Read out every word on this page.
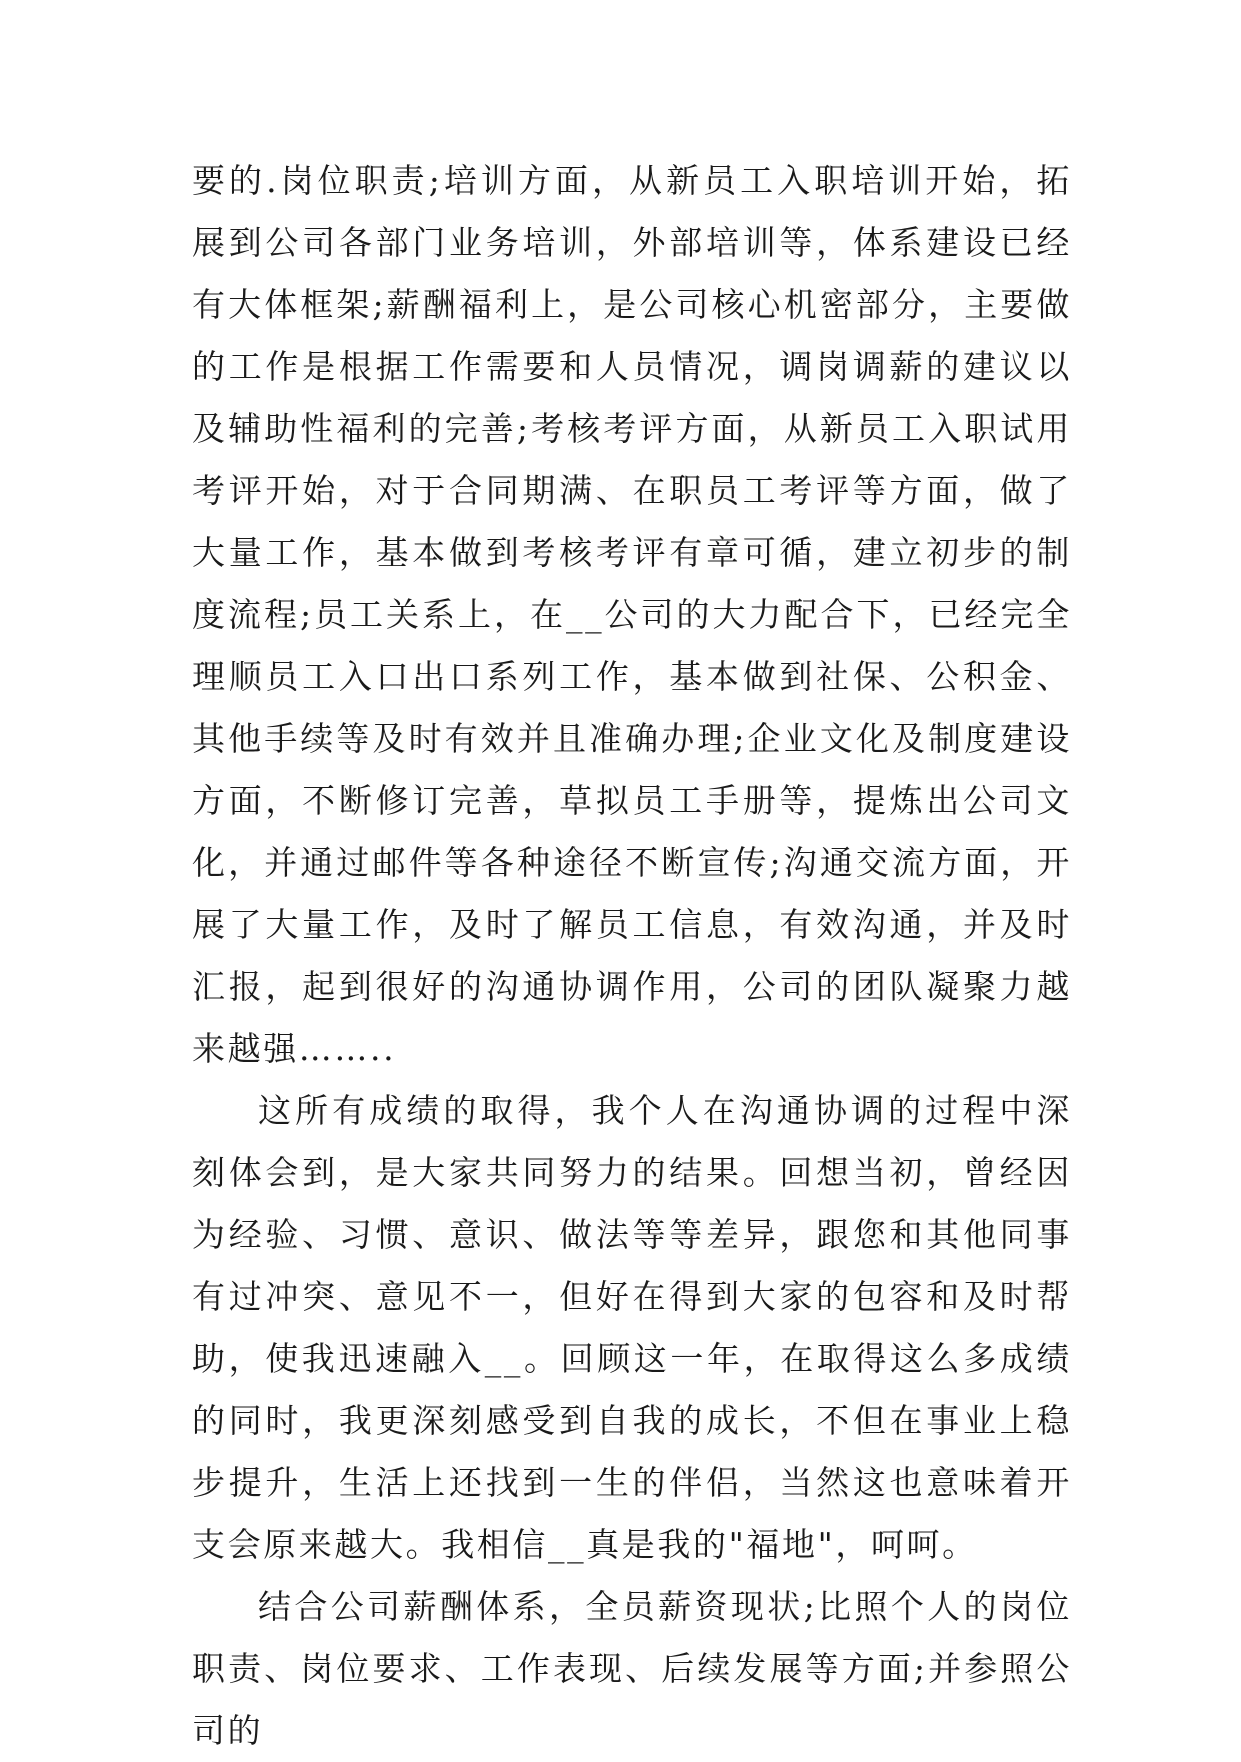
要的.岗位职责;培训方面，从新员工入职培训开始，拓展到公司各部门业务培训，外部培训等，体系建设已经有大体框架;薪酬福利上，是公司核心机密部分，主要做的工作是根据工作需要和人员情况，调岗调薪的建议以及辅助性福利的完善;考核考评方面，从新员工入职试用考评开始，对于合同期满、在职员工考评等方面，做了大量工作，基本做到考核考评有章可循，建立初步的制度流程;员工关系上，在__公司的大力配合下，已经完全理顺员工入口出口系列工作，基本做到社保、公积金、其他手续等及时有效并且准确办理;企业文化及制度建设方面，不断修订完善，草拟员工手册等，提炼出公司文化，并通过邮件等各种途径不断宣传;沟通交流方面，开展了大量工作，及时了解员工信息，有效沟通，并及时汇报，起到很好的沟通协调作用，公司的团队凝聚力越来越强……..

这所有成绩的取得，我个人在沟通协调的过程中深刻体会到，是大家共同努力的结果。回想当初，曾经因为经验、习惯、意识、做法等等差异，跟您和其他同事有过冲突、意见不一，但好在得到大家的包容和及时帮助，使我迅速融入__。回顾这一年，在取得这么多成绩的同时，我更深刻感受到自我的成长，不但在事业上稳步提升，生活上还找到一生的伴侣，当然这也意味着开支会原来越大。我相信__真是我的"福地"，呵呵。

结合公司薪酬体系，全员薪资现状;比照个人的岗位职责、岗位要求、工作表现、后续发展等方面;并参照公司的
